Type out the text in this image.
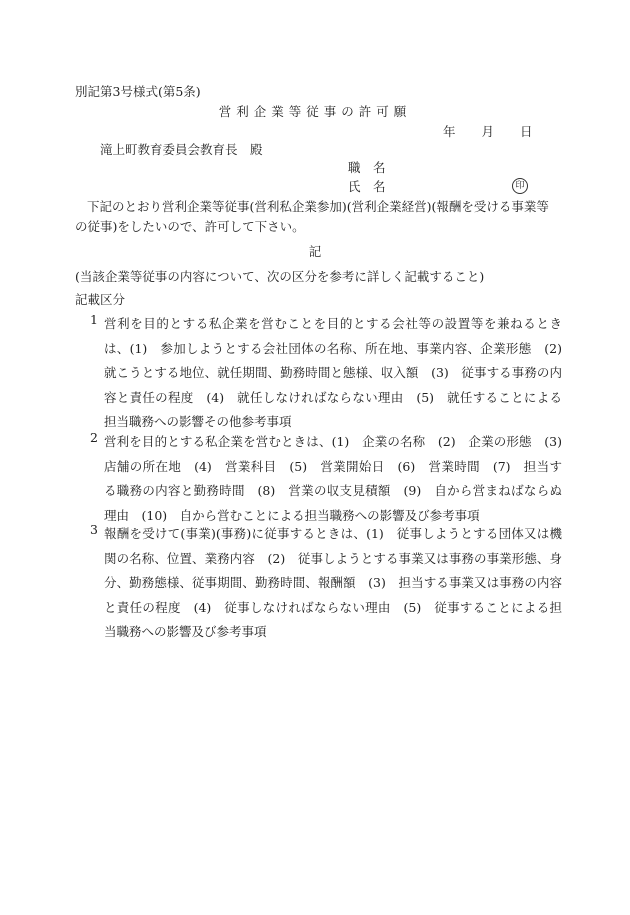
別記第3号様式(第5条)
営利企業等従事の許可願
年 月 日
滝上町教育委員会教育長　殿
職　名
氏　名	印
下記のとおり営利企業等従事(営利私企業参加)(営利企業経営)(報酬を受ける事業等の従事)をしたいので、許可して下さい。
記
(当該企業等従事の内容について、次の区分を参考に詳しく記載すること)
記載区分
1 営利を目的とする私企業を営むことを目的とする会社等の設置等を兼ねるときは、(1)　参加しようとする会社団体の名称、所在地、事業内容、企業形態　(2)　就こうとする地位、就任期間、勤務時間と態様、収入額　(3)　従事する事務の内容と責任の程度　(4)　就任しなければならない理由　(5)　就任することによる担当職務への影響その他参考事項
2 営利を目的とする私企業を営むときは、(1)　企業の名称　(2)　企業の形態　(3)　店舗の所在地　(4)　営業科目　(5)　営業開始日　(6)　営業時間　(7)　担当する職務の内容と勤務時間　(8)　営業の収支見積額　(9)　自から営まねばならぬ理由　(10)　自から営むことによる担当職務への影響及び参考事項
3 報酬を受けて(事業)(事務)に従事するときは、(1)　従事しようとする団体又は機関の名称、位置、業務内容　(2)　従事しようとする事業又は事務の事業形態、身分、勤務態様、従事期間、勤務時間、報酬額　(3)　担当する事業又は事務の内容と責任の程度　(4)　従事しなければならない理由　(5)　従事することによる担当職務への影響及び参考事項
